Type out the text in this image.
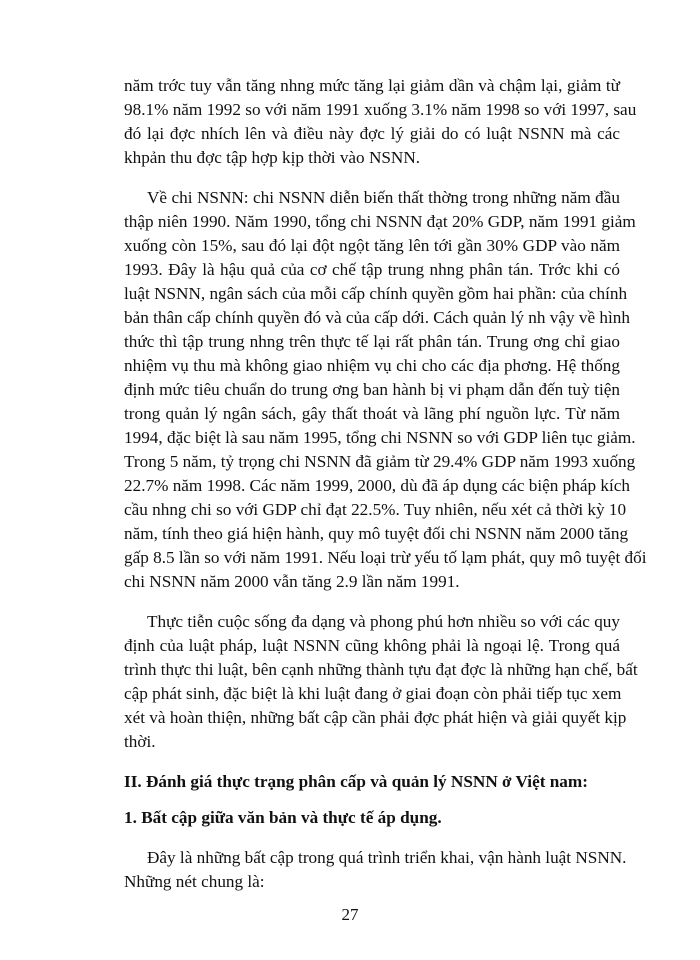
năm trớc tuy vẫn tăng nhng mức tăng lại giảm dần và chậm lại, giảm từ
98.1% năm 1992 so với năm 1991 xuống 3.1% năm 1998 so với 1997, sau
đó lại đợc nhích lên và điều này đợc lý giải do có luật NSNN mà các
khpản thu đợc tập hợp kịp thời vào NSNN.
Về chi NSNN: chi NSNN diễn biến thất thờng trong những năm đầu
thập niên 1990. Năm 1990, tổng chi NSNN đạt 20% GDP, năm 1991 giảm
xuống còn 15%, sau đó lại đột ngột tăng lên tới gần 30% GDP vào năm
1993. Đây là hậu quả của cơ chế tập trung nhng phân tán. Trớc khi có
luật NSNN, ngân sách của mỗi cấp chính quyền gồm hai phần: của chính
bản thân cấp chính quyền đó và của cấp dới. Cách quản lý nh vậy về hình
thức thì tập trung nhng trên thực tế lại rất phân tán. Trung ơng chỉ giao
nhiệm vụ thu mà không giao nhiệm vụ chi cho các địa phơng. Hệ thống
định mức tiêu chuẩn do trung ơng ban hành bị vi phạm dẫn đến tuỳ tiện
trong quản lý ngân sách, gây thất thoát và lãng phí nguồn lực. Từ năm
1994, đặc biệt là sau năm 1995, tổng chi NSNN so với GDP liên tục giảm.
Trong 5 năm, tỷ trọng chi NSNN đã giảm từ 29.4% GDP năm 1993 xuống
22.7% năm 1998. Các năm 1999, 2000, dù đã áp dụng các biện pháp kích
cầu nhng chi so với GDP chỉ đạt 22.5%. Tuy nhiên, nếu xét cả thời kỳ 10
năm, tính theo giá hiện hành, quy mô tuyệt đối chi NSNN năm 2000 tăng
gấp 8.5 lần so với năm 1991. Nếu loại trừ yếu tố lạm phát, quy mô tuyệt đối
chi NSNN năm 2000 vẫn tăng 2.9 lần năm 1991.
Thực tiễn cuộc sống đa dạng và phong phú hơn nhiều so với các quy
định của luật pháp, luật NSNN cũng không phải là ngoại lệ. Trong quá
trình thực thi luật, bên cạnh những thành tựu đạt đợc là những hạn chế, bất
cập phát sinh, đặc biệt là khi luật đang ở giai đoạn còn phải tiếp tục xem
xét và hoàn thiện, những bất cập cần phải đợc phát hiện và giải quyết kịp
thời.
II. Đánh giá thực trạng phân cấp và quản lý NSNN ở Việt nam:
1. Bất cập giữa văn bản và thực tế áp dụng.
Đây là những bất cập trong quá trình triển khai, vận hành luật NSNN.
Những nét chung là:
27
